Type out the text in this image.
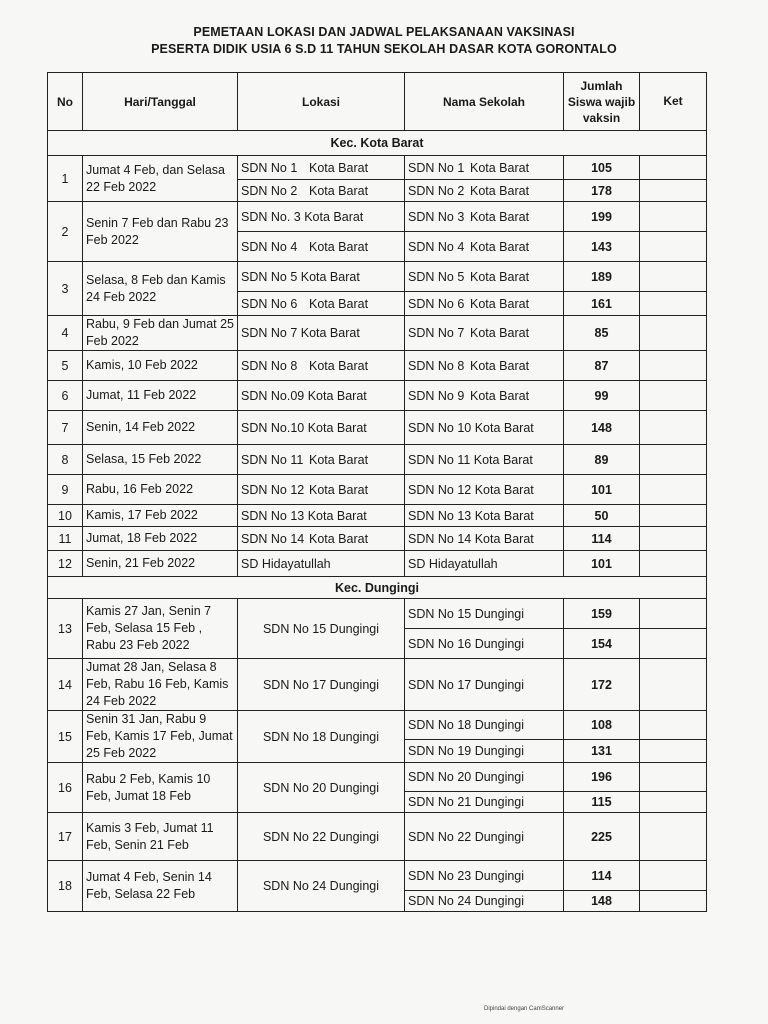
PEMETAAN LOKASI DAN JADWAL PELAKSANAAN VAKSINASI
PESERTA DIDIK USIA 6 S.D 11 TAHUN SEKOLAH DASAR KOTA GORONTALO
No	Hari/Tanggal	Lokasi	Nama Sekolah	Jumlah Siswa wajib vaksin	Ket
Kec. Kota Barat					
1	Jumat 4 Feb, dan Selasa 22 Feb 2022	SDN No 1 Kota Barat	SDN No 1 Kota Barat	105	
		SDN No 2 Kota Barat	SDN No 2 Kota Barat	178	
2	Senin 7 Feb dan Rabu 23 Feb 2022	SDN No. 3 Kota Barat	SDN No 3 Kota Barat	199	
		SDN No 4 Kota Barat	SDN No 4 Kota Barat	143	
3	Selasa, 8 Feb dan Kamis 24 Feb 2022	SDN No 5 Kota Barat	SDN No 5 Kota Barat	189	
		SDN No 6 Kota Barat	SDN No 6 Kota Barat	161	
4	Rabu, 9 Feb dan Jumat 25 Feb 2022	SDN No 7 Kota Barat	SDN No 7 Kota Barat	85	
5	Kamis, 10 Feb 2022	SDN No 8 Kota Barat	SDN No 8 Kota Barat	87	
6	Jumat, 11 Feb 2022	SDN No.09 Kota Barat	SDN No 9 Kota Barat	99	
7	Senin, 14 Feb 2022	SDN No.10 Kota Barat	SDN No 10 Kota Barat	148	
8	Selasa, 15 Feb 2022	SDN No 11 Kota Barat	SDN No 11 Kota Barat	89	
9	Rabu, 16 Feb 2022	SDN No 12 Kota Barat	SDN No 12 Kota Barat	101	
10	Kamis, 17 Feb 2022	SDN No 13 Kota Barat	SDN No 13 Kota Barat	50	
11	Jumat, 18 Feb 2022	SDN No 14 Kota Barat	SDN No 14 Kota Barat	114	
12	Senin, 21 Feb 2022	SD Hidayatullah	SD Hidayatullah	101	
Kec. Dungingi					
13	Kamis 27 Jan, Senin 7 Feb, Selasa 15 Feb , Rabu 23 Feb 2022	SDN No 15 Dungingi	SDN No 15 Dungingi	159	
			SDN No 16 Dungingi	154	
14	Jumat 28 Jan, Selasa 8 Feb, Rabu 16 Feb, Kamis 24 Feb 2022	SDN No 17 Dungingi	SDN No 17 Dungingi	172	
15	Senin 31 Jan, Rabu 9 Feb, Kamis 17 Feb, Jumat 25 Feb 2022	SDN No 18 Dungingi	SDN No 18 Dungingi	108	
			SDN No 19 Dungingi	131	
16	Rabu 2 Feb, Kamis 10 Feb, Jumat 18 Feb	SDN No 20 Dungingi	SDN No 20 Dungingi	196	
			SDN No 21 Dungingi	115	
17	Kamis 3 Feb, Jumat 11 Feb, Senin 21 Feb	SDN No 22 Dungingi	SDN No 22 Dungingi	225	
18	Jumat 4 Feb, Senin 14 Feb, Selasa 22 Feb	SDN No 24 Dungingi	SDN No 23 Dungingi	114	
			SDN No 24 Dungingi	148	
Dipindai dengan CamScanner
